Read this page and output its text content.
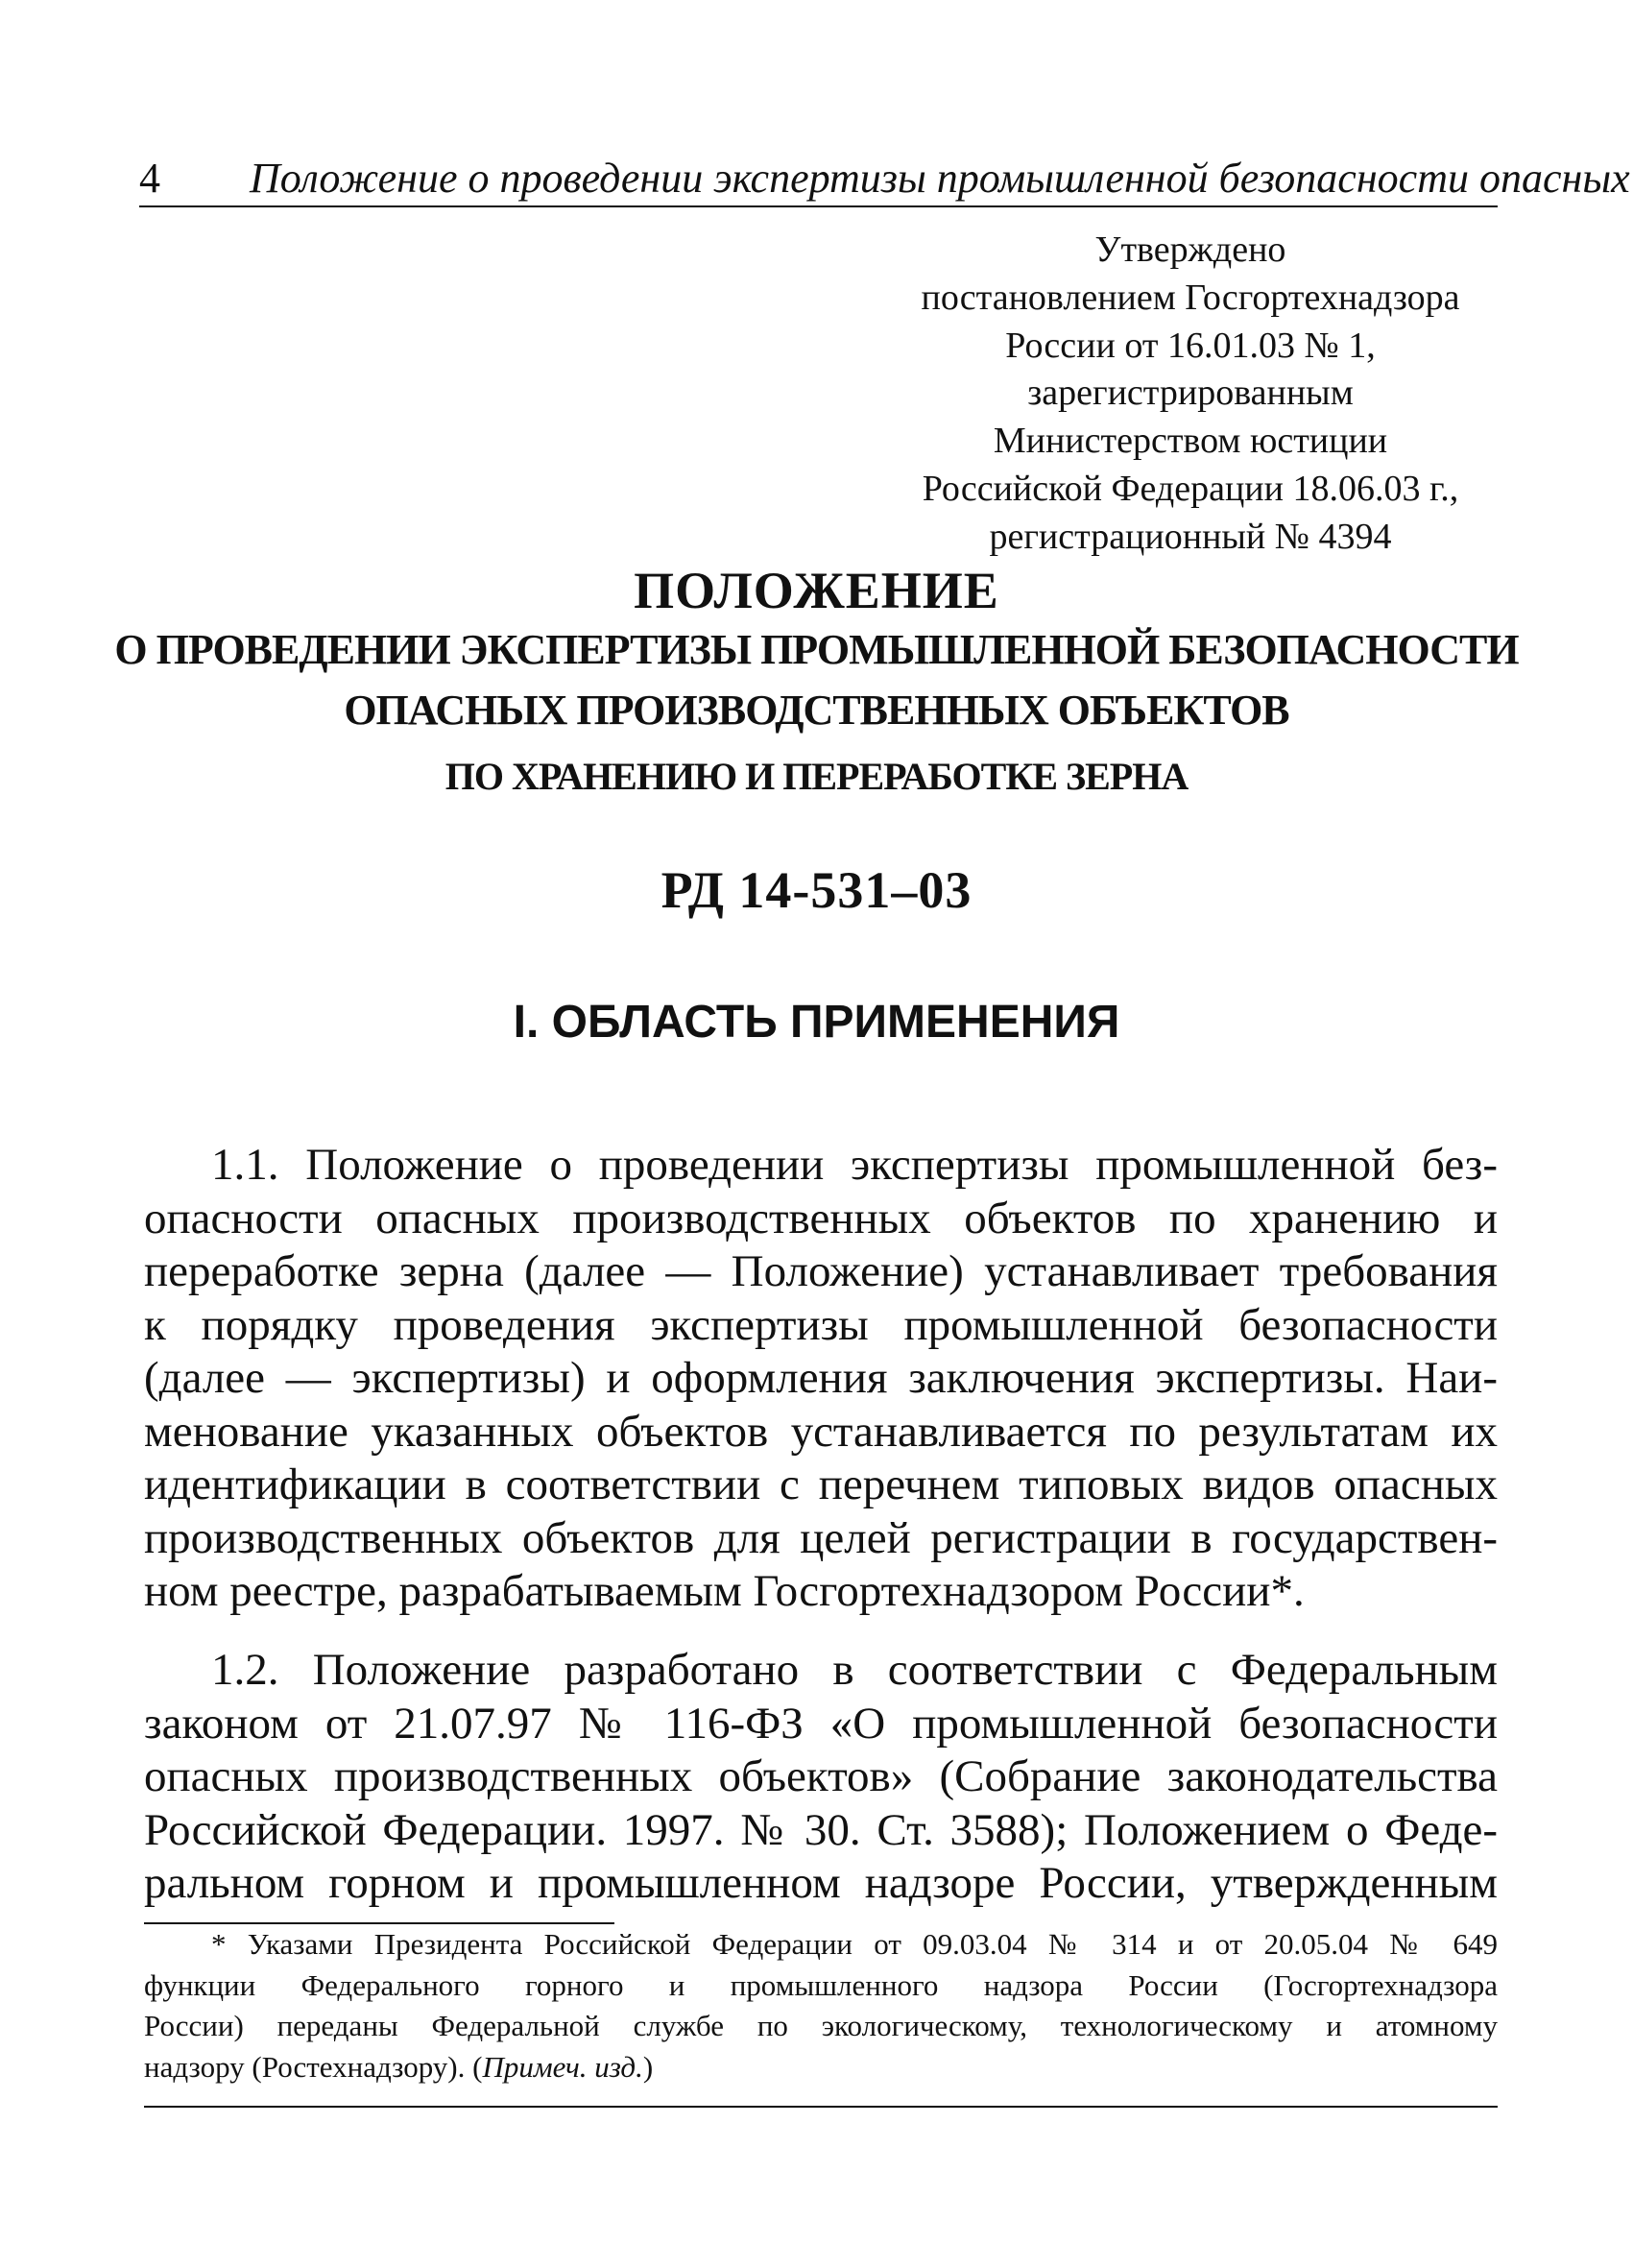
4 Положение о проведении экспертизы промышленной безопасности опасных
Утверждено
постановлением Госгортехнадзора
России от 16.01.03 № 1,
зарегистрированным
Министерством юстиции
Российской Федерации 18.06.03 г.,
регистрационный № 4394
ПОЛОЖЕНИЕ
О ПРОВЕДЕНИИ ЭКСПЕРТИЗЫ ПРОМЫШЛЕННОЙ БЕЗОПАСНОСТИ
ОПАСНЫХ ПРОИЗВОДСТВЕННЫХ ОБЪЕКТОВ
ПО ХРАНЕНИЮ И ПЕРЕРАБОТКЕ ЗЕРНА
РД 14-531–03
I. ОБЛАСТЬ ПРИМЕНЕНИЯ
1.1. Положение о проведении экспертизы промышленной без-
опасности опасных производственных объектов по хранению и
переработке зерна (далее — Положение) устанавливает требования
к порядку проведения экспертизы промышленной безопасности
(далее — экспертизы) и оформления заключения экспертизы. Наи-
менование указанных объектов устанавливается по результатам их
идентификации в соответствии с перечнем типовых видов опасных
производственных объектов для целей регистрации в государствен-
ном реестре, разрабатываемым Госгортехнадзором России*.
1.2. Положение разработано в соответствии с Федеральным
законом от 21.07.97 № 116-ФЗ «О промышленной безопасности
опасных производственных объектов» (Собрание законодательства
Российской Федерации. 1997. № 30. Ст. 3588); Положением о Феде-
ральном горном и промышленном надзоре России, утвержденным
* Указами Президента Российской Федерации от 09.03.04 № 314 и от 20.05.04 № 649
функции Федерального горного и промышленного надзора России (Госгортехнадзора
России) переданы Федеральной службе по экологическому, технологическому и атомному
надзору (Ростехнадзору). (Примеч. изд.)
